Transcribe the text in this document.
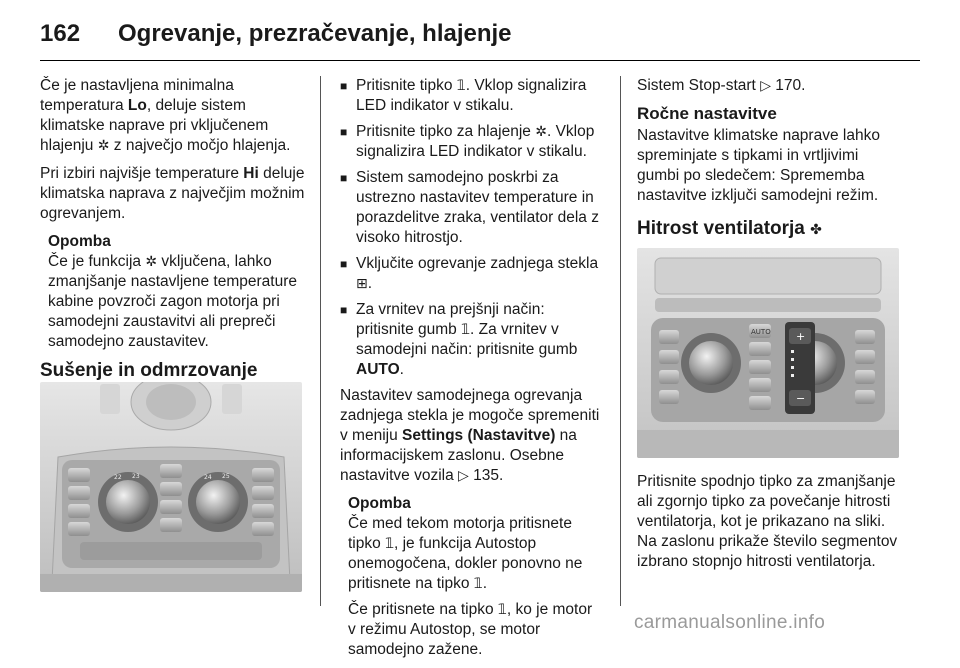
162 Ogrevanje, prezračevanje, hlajenje

Če je nastavljena minimalna temperatura Lo, deluje sistem klimatske naprave pri vključenem hlajenju ✲ z največjo močjo hlajenja.

Pri izbiri najvišje temperature Hi deluje klimatska naprava z največjim možnim ogrevanjem.

Opomba
Če je funkcija ✲ vključena, lahko zmanjšanje nastavljene temperature kabine povzroči zagon motorja pri samodejni zaustavitvi ali prepreči samodejno zaustavitev.
Sušenje in odmrzovanje
22 23	24 25
■ Pritisnite tipko 𝟙. Vklop signalizira LED indikator v stikalu.
■ Pritisnite tipko za hlajenje ✲. Vklop signalizira LED indikator v stikalu.
■ Sistem samodejno poskrbi za ustrezno nastavitev temperature in porazdelitve zraka, ventilator dela z visoko hitrostjo.
■ Vključite ogrevanje zadnjega stekla ⊞.
■ Za vrnitev na prejšnji način: pritisnite gumb 𝟙. Za vrnitev v samodejni način: pritisnite gumb AUTO.

Nastavitev samodejnega ogrevanja zadnjega stekla je mogoče spremeniti v meniju Settings (Nastavitve) na informacijskem zaslonu. Osebne nastavitve vozila ▷ 135.

Opomba

Če med tekom motorja pritisnete tipko 𝟙, je funkcija Autostop onemogočena, dokler ponovno ne pritisnete na tipko 𝟙.

Če pritisnete na tipko 𝟙, ko je motor v režimu Autostop, se motor samodejno zažene.

Sistem Stop-start ▷ 170.

Ročne nastavitve

Nastavitve klimatske naprave lahko spreminjate s tipkami in vrtljivimi gumbi po sledečem: Sprememba nastavitve izključi samodejni režim.

Hitrost ventilatorja ✤
AUTO +
−

Pritisnite spodnjo tipko za zmanjšanje ali zgornjo tipko za povečanje hitrosti ventilatorja, kot je prikazano na sliki. Na zaslonu prikaže število segmentov izbrano stopnjo hitrosti ventilatorja.

carmanualsonline.info
